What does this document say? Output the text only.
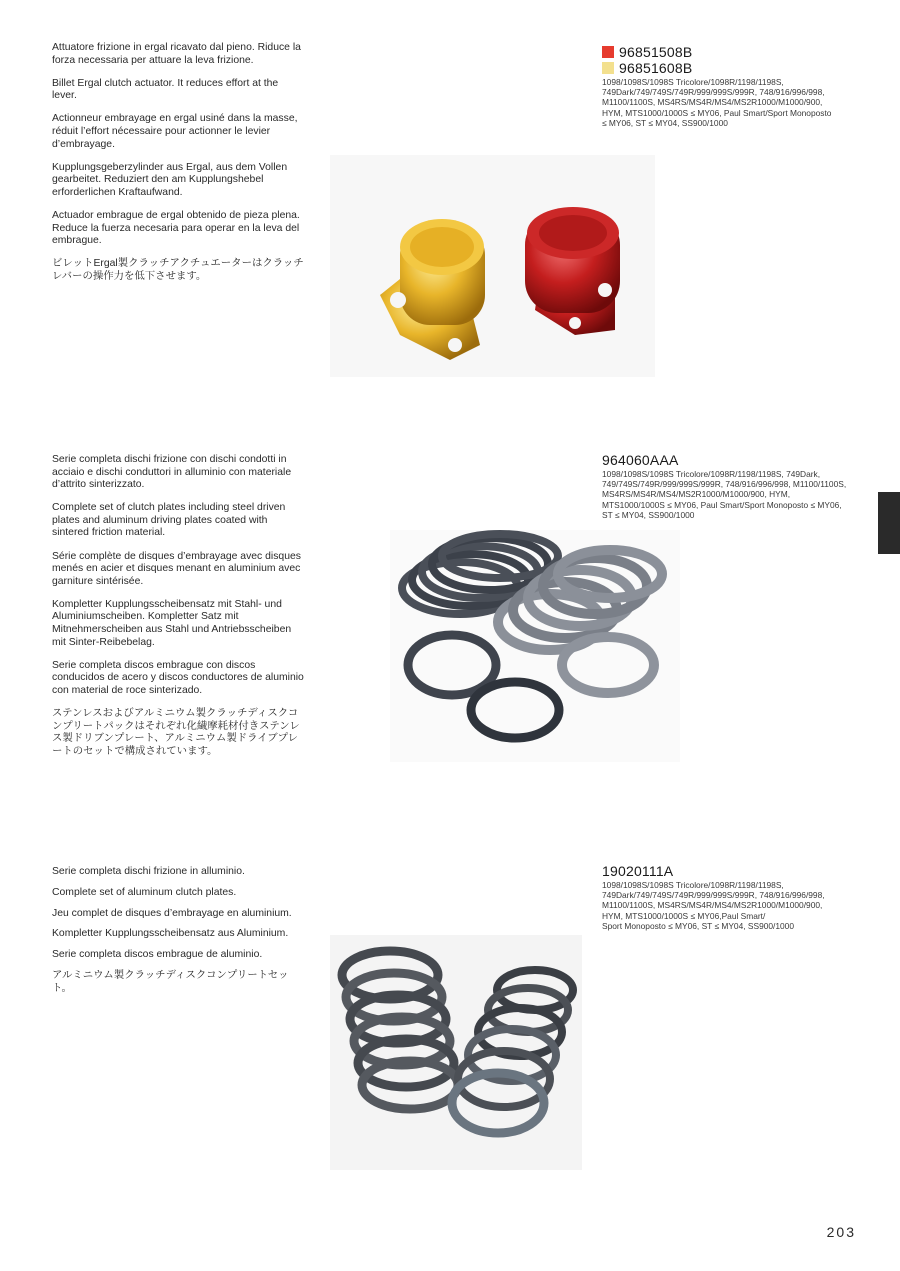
Attuatore frizione in ergal ricavato dal pieno. Riduce la forza necessaria per attuare la leva frizione.

Billet Ergal clutch actuator. It reduces effort at the lever.

Actionneur embrayage en ergal usiné dans la masse, réduit l’effort nécessaire pour actionner le levier d’embrayage.

Kupplungsgeberzylinder aus Ergal, aus dem Vollen gearbeitet. Reduziert den am Kupplungshebel erforderlichen Kraftaufwand.

Actuador embrague de ergal obtenido de pieza plena. Reduce la fuerza necesaria para operar en la leva del embrague.

ビレットErgal製クラッチアクチュエーターはクラッチレバーの操作力を低下させます。

96851508B
96851608B
1098/1098S/1098S Tricolore/1098R/1198/1198S,
749Dark/749/749S/749R/999/999S/999R, 748/916/996/998,
M1100/1100S, MS4RS/MS4R/MS4/MS2R1000/M1000/900,
HYM, MTS1000/1000S ≤ MY06, Paul Smart/Sport Monoposto
≤ MY06, ST ≤ MY04, SS900/1000

Serie completa dischi frizione con dischi condotti in acciaio e dischi conduttori in alluminio con materiale d’attrito sinterizzato.

Complete set of clutch plates including steel driven plates and aluminum driving plates coated with sintered friction material.

Série complète de disques d’embrayage avec disques menés en acier et disques menant en aluminium avec garniture sintérisée.

Kompletter Kupplungsscheibensatz mit Stahl- und Aluminiumscheiben. Kompletter Satz mit Mitnehmerscheiben aus Stahl und Antriebsscheiben mit Sinter-Reibebelag.

Serie completa discos embrague con discos conducidos de acero y discos conductores de aluminio con material de roce sinterizado.

ステンレスおよびアルミニウム製クラッチディスクコンプリートパックはそれぞれ化繊摩耗材付きステンレス製ドリブンプレート、アルミニウム製ドライブプレートのセットで構成されています。

964060AAA
1098/1098S/1098S Tricolore/1098R/1198/1198S, 749Dark,
749/749S/749R/999/999S/999R, 748/916/996/998, M1100/1100S,
MS4RS/MS4R/MS4/MS2R1000/M1000/900, HYM,
MTS1000/1000S ≤ MY06, Paul Smart/Sport Monoposto ≤ MY06,
ST ≤ MY04, SS900/1000

Serie completa dischi frizione in alluminio.

Complete set of aluminum clutch plates.

Jeu complet de disques d’embrayage en aluminium.

Kompletter Kupplungsscheibensatz aus Aluminium.

Serie completa discos embrague de aluminio.

アルミニウム製クラッチディスクコンプリートセット。

19020111A
1098/1098S/1098S Tricolore/1098R/1198/1198S,
749Dark/749/749S/749R/999/999S/999R, 748/916/996/998,
M1100/1100S, MS4RS/MS4R/MS4/MS2R1000/M1000/900,
HYM, MTS1000/1000S ≤ MY06,Paul Smart/
Sport Monoposto ≤ MY06, ST ≤ MY04, SS900/1000
203
